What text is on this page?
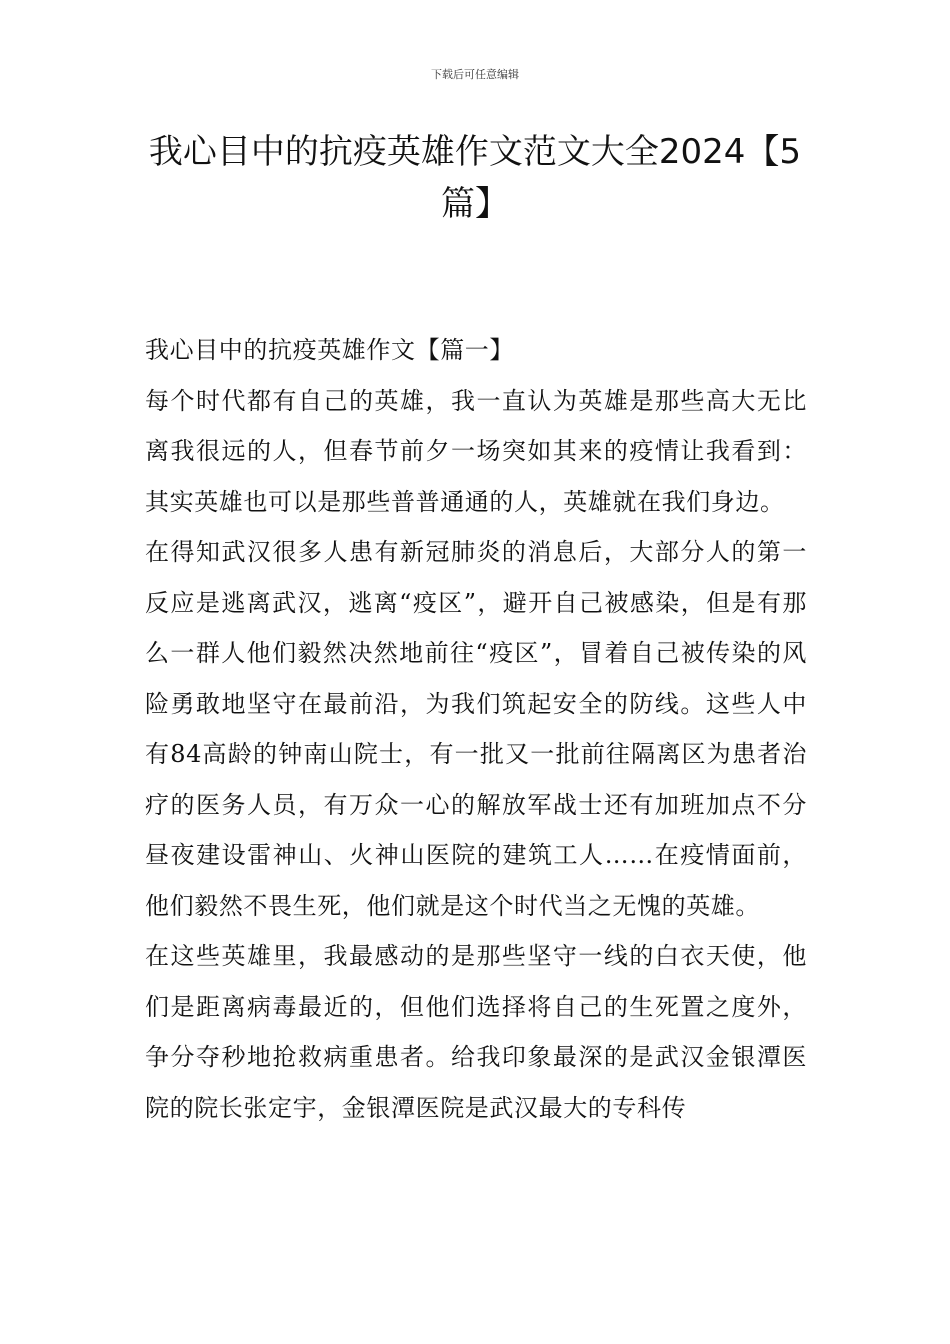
下载后可任意编辑
我心目中的抗疫英雄作文范文大全2024【5篇】

我心目中的抗疫英雄作文【篇一】

每个时代都有自己的英雄，我一直认为英雄是那些高大无比离我很远的人，但春节前夕一场突如其来的疫情让我看到：其实英雄也可以是那些普普通通的人，英雄就在我们身边。

在得知武汉很多人患有新冠肺炎的消息后，大部分人的第一反应是逃离武汉，逃离“疫区”，避开自己被感染，但是有那么一群人他们毅然决然地前往“疫区”，冒着自己被传染的风险勇敢地坚守在最前沿，为我们筑起安全的防线。这些人中有84高龄的钟南山院士，有一批又一批前往隔离区为患者治疗的医务人员，有万众一心的解放军战士还有加班加点不分昼夜建设雷神山、火神山医院的建筑工人……在疫情面前，他们毅然不畏生死，他们就是这个时代当之无愧的英雄。

在这些英雄里，我最感动的是那些坚守一线的白衣天使，他们是距离病毒最近的，但他们选择将自己的生死置之度外，争分夺秒地抢救病重患者。给我印象最深的是武汉金银潭医院的院长张定宇，金银潭医院是武汉最大的专科传
